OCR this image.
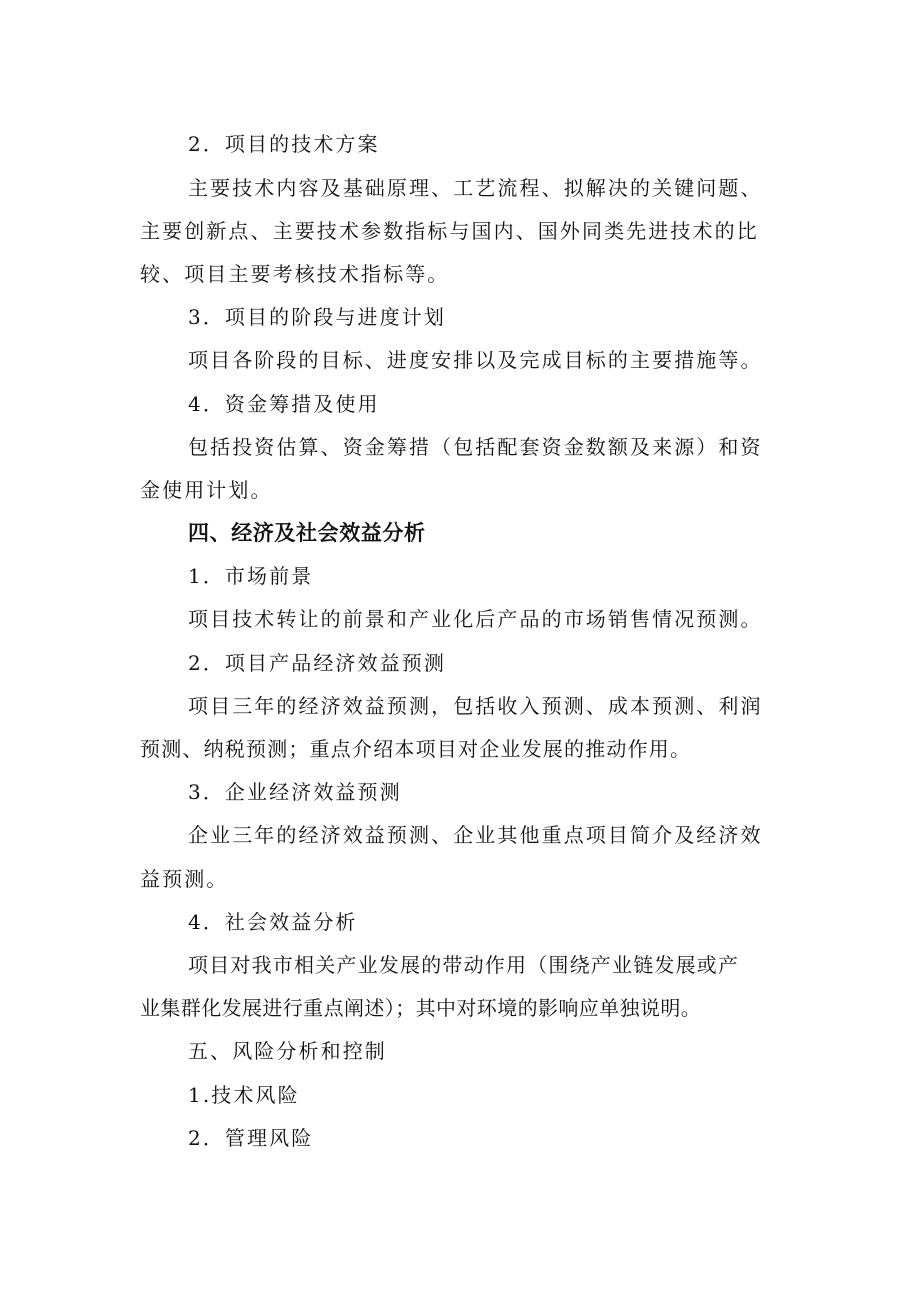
2．项目的技术方案
主要技术内容及基础原理、工艺流程、拟解决的关键问题、
主要创新点、主要技术参数指标与国内、国外同类先进技术的比
较、项目主要考核技术指标等。
3．项目的阶段与进度计划
项目各阶段的目标、进度安排以及完成目标的主要措施等。
4．资金筹措及使用
包括投资估算、资金筹措（包括配套资金数额及来源）和资
金使用计划。
四、经济及社会效益分析
1．市场前景
项目技术转让的前景和产业化后产品的市场销售情况预测。
2．项目产品经济效益预测
项目三年的经济效益预测，包括收入预测、成本预测、利润
预测、纳税预测；重点介绍本项目对企业发展的推动作用。
3．企业经济效益预测
企业三年的经济效益预测、企业其他重点项目简介及经济效
益预测。
4．社会效益分析
项目对我市相关产业发展的带动作用（围绕产业链发展或产
业集群化发展进行重点阐述）；其中对环境的影响应单独说明。
五、风险分析和控制
1.技术风险
2．管理风险
